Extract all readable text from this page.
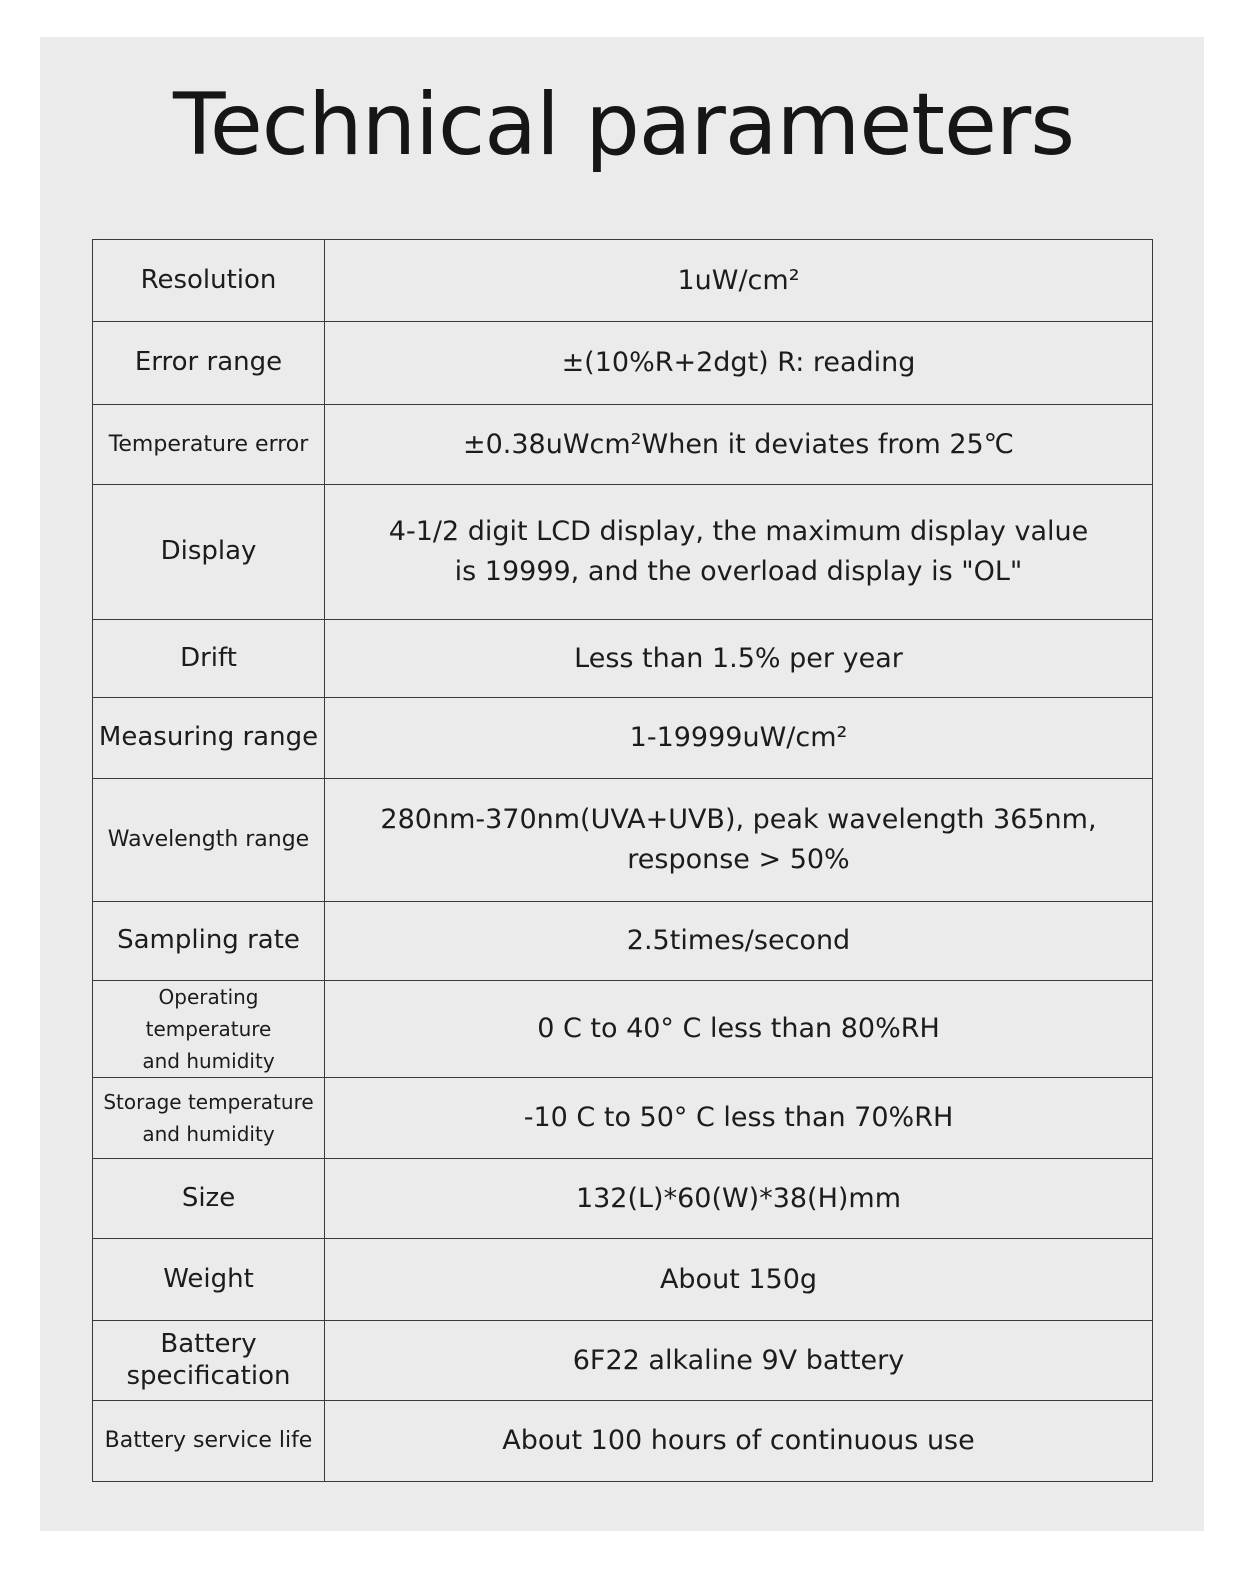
Technical parameters
Resolution	1uW/cm²
Error range	±(10%R+2dgt) R: reading
Temperature error	±0.38uWcm²When it deviates from 25℃
Display	4-1/2 digit LCD display, the maximum display value
is 19999, and the overload display is "OL"

Drift	Less than 1.5% per year
Measuring range	1-19999uW/cm²
Wavelength range	280nm-370nm(UVA+UVB), peak wavelength 365nm,
response > 50%

Sampling rate	2.5times/second

Operating temperature
and humidity	0 C to 40° C less than 80%RH

Storage temperature
and humidity	-10 C to 50° C less than 70%RH
Size	132(L)*60(W)*38(H)mm
Weight	About 150g

Battery
specification	6F22 alkaline 9V battery
Battery service life	About 100 hours of continuous use
